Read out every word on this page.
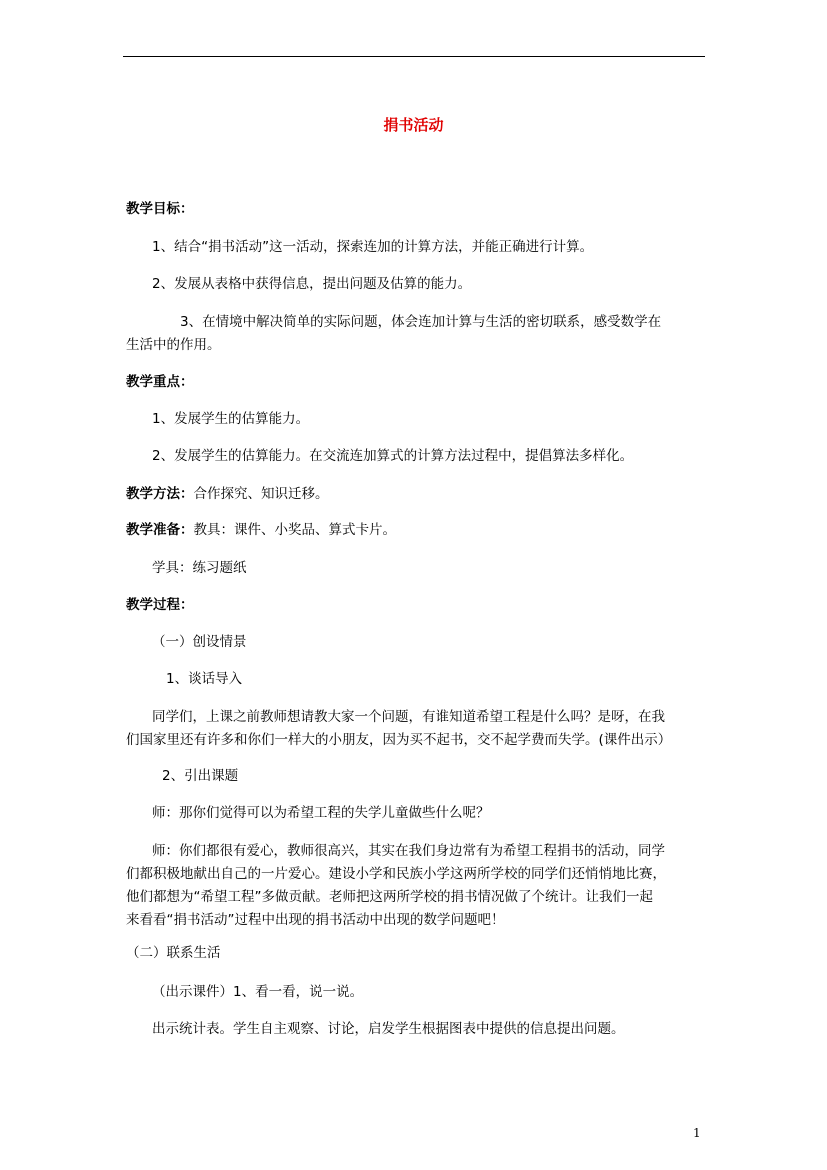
捐书活动
教学目标：
1、结合“捐书活动”这一活动，探索连加的计算方法，并能正确进行计算。
2、发展从表格中获得信息，提出问题及估算的能力。
3、在情境中解决简单的实际问题，体会连加计算与生活的密切联系，感受数学在
生活中的作用。
教学重点：
1、发展学生的估算能力。
2、发展学生的估算能力。在交流连加算式的计算方法过程中，提倡算法多样化。
教学方法：合作探究、知识迁移。
教学准备：教具：课件、小奖品、算式卡片。
学具：练习题纸
教学过程：
（一）创设情景
1、谈话导入
同学们，上课之前教师想请教大家一个问题，有谁知道希望工程是什么吗？是呀，在我
们国家里还有许多和你们一样大的小朋友，因为买不起书，交不起学费而失学。(课件出示）
2、引出课题
师：那你们觉得可以为希望工程的失学儿童做些什么呢？
师：你们都很有爱心，教师很高兴，其实在我们身边常有为希望工程捐书的活动，同学
们都积极地献出自己的一片爱心。建设小学和民族小学这两所学校的同学们还悄悄地比赛，
他们都想为“希望工程”多做贡献。老师把这两所学校的捐书情况做了个统计。让我们一起
来看看“捐书活动”过程中出现的捐书活动中出现的数学问题吧！
（二）联系生活
（出示课件）1、看一看，说一说。
出示统计表。学生自主观察、讨论，启发学生根据图表中提供的信息提出问题。
1
